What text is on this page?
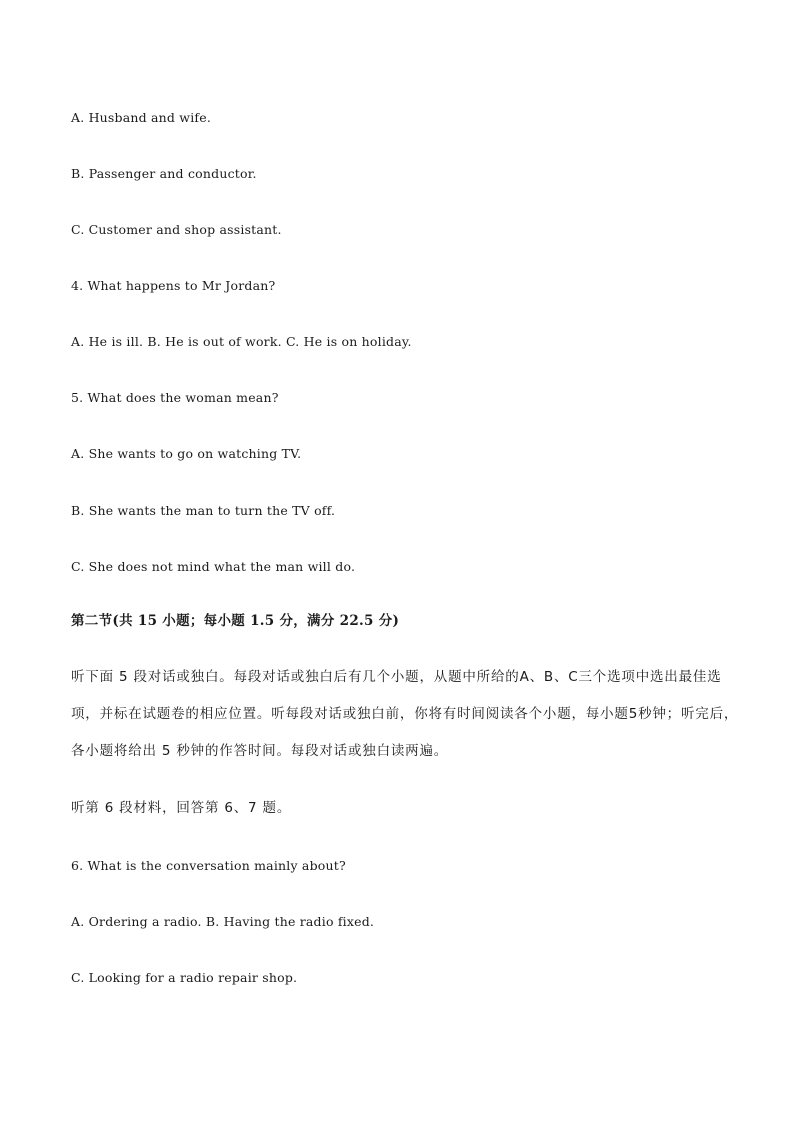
A. Husband and wife.
B. Passenger and conductor.
C. Customer and shop assistant.
4. What happens to Mr Jordan?
A. He is ill. B. He is out of work. C. He is on holiday.
5. What does the woman mean?
A. She wants to go on watching TV.
B. She wants the man to turn the TV off.
C. She does not mind what the man will do.
第二节(共 15 小题；每小题 1.5 分，满分 22.5 分)
听下面 5 段对话或独白。每段对话或独白后有几个小题，从题中所给的A、B、C三个选项中选出最佳选
项，并标在试题卷的相应位置。听每段对话或独白前，你将有时间阅读各个小题，每小题5秒钟；听完后，
各小题将给出 5 秒钟的作答时间。每段对话或独白读两遍。
听第 6 段材料，回答第 6、7 题。
6. What is the conversation mainly about?
A. Ordering a radio. B. Having the radio fixed.
C. Looking for a radio repair shop.
